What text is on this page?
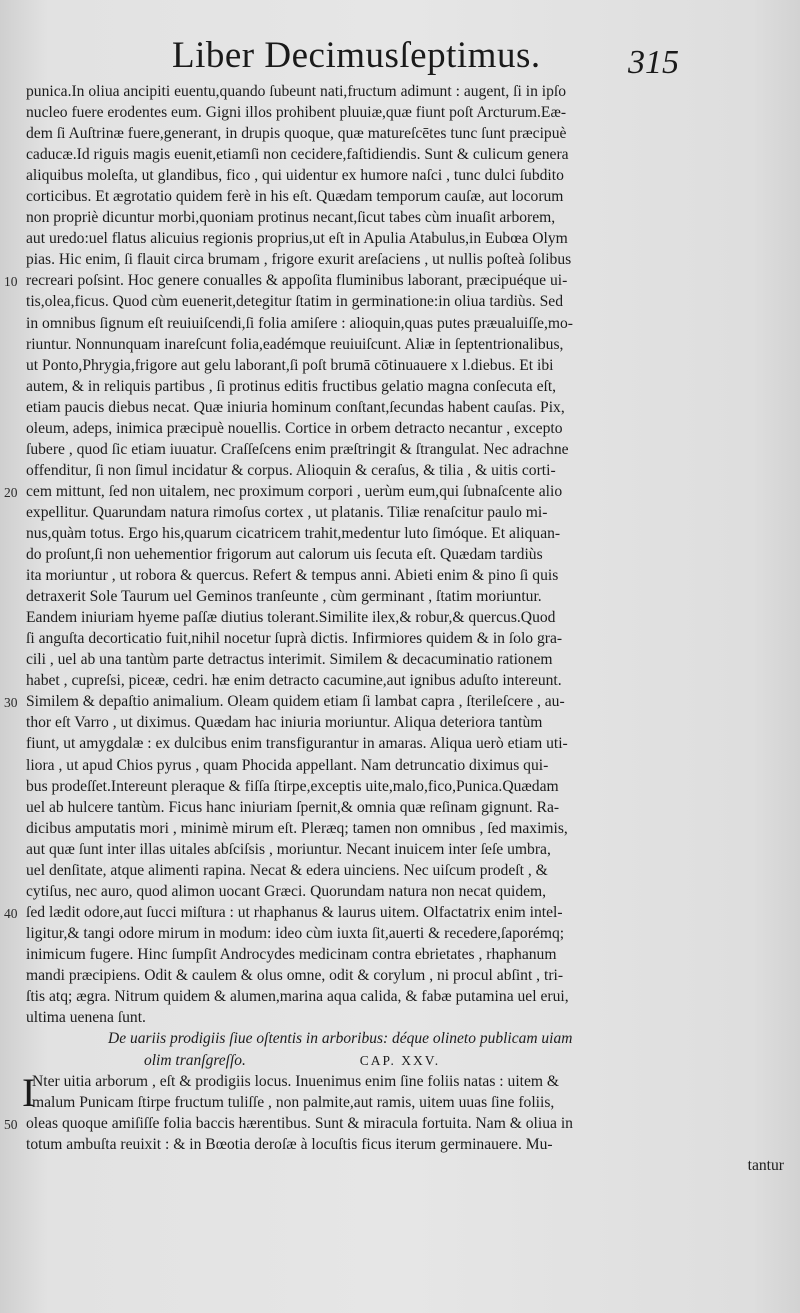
Liber Decimusſeptimus.	315
punica.In oliua ancipiti euentu,quando ſubeunt nati,fructum adimunt : augent, ſi in ipſo
nucleo fuere erodentes eum. Gigni illos prohibent pluuiæ,quæ fiunt poſt Arcturum.Eæ-
dem ſi Auſtrinæ fuere,generant, in drupis quoque, quæ matureſcētes tunc ſunt præcipuè
caducæ.Id riguis magis euenit,etiamſi non cecidere,faſtidiendis. Sunt & culicum genera
aliquibus moleſta, ut glandibus, fico , qui uidentur ex humore naſci , tunc dulci ſubdito
corticibus. Et ægrotatio quidem ferè in his eſt. Quædam temporum cauſæ, aut locorum
non propriè dicuntur morbi,quoniam protinus necant,ſicut tabes cùm inuaſit arborem,
aut uredo:uel flatus alicuius regionis proprius,ut eſt in Apulia Atabulus,in Eubœa Olym
pias. Hic enim, ſi flauit circa brumam , frigore exurit areſaciens , ut nullis poſteà ſolibus
10 recreari poſsint. Hoc genere conualles & appoſita fluminibus laborant, præcipuéque ui-
tis,olea,ficus. Quod cùm euenerit,detegitur ſtatim in germinatione:in oliua tardiùs. Sed
in omnibus ſignum eſt reuiuiſcendi,ſi folia amiſere : alioquin,quas putes præualuiſſe,mo-
riuntur. Nonnunquam inareſcunt folia,eadémque reuiuiſcunt. Aliæ in ſeptentrionalibus,
ut Ponto,Phrygia,frigore aut gelu laborant,ſi poſt brumā cōtinuauere x l.diebus. Et ibi
autem, & in reliquis partibus , ſi protinus editis fructibus gelatio magna conſecuta eſt,
etiam paucis diebus necat. Quæ iniuria hominum conſtant,ſecundas habent cauſas. Pix,
oleum, adeps, inimica præcipuè nouellis. Cortice in orbem detracto necantur , excepto
ſubere , quod ſic etiam iuuatur. Craſſeſcens enim præſtringit & ſtrangulat. Nec adrachne
offenditur, ſi non ſimul incidatur & corpus. Alioquin & ceraſus, & tilia , & uitis corti-
20 cem mittunt, ſed non uitalem, nec proximum corpori , uerùm eum,qui ſubnaſcente alio
expellitur. Quarundam natura rimoſus cortex , ut platanis. Tiliæ renaſcitur paulo mi-
nus,quàm totus. Ergo his,quarum cicatricem trahit,medentur luto ſimóque. Et aliquan-
do proſunt,ſi non uehementior frigorum aut calorum uis ſecuta eſt. Quædam tardiùs
ita moriuntur , ut robora & quercus. Refert & tempus anni. Abieti enim & pino ſi quis
detraxerit Sole Taurum uel Geminos tranſeunte , cùm germinant , ſtatim moriuntur.
Eandem iniuriam hyeme paſſæ diutius tolerant.Similite ilex,& robur,& quercus.Quod
ſi anguſta decorticatio fuit,nihil nocetur ſuprà dictis. Infirmiores quidem & in ſolo gra-
cili , uel ab una tantùm parte detractus interimit. Similem & decacuminatio rationem
habet , cupreſsi, piceæ, cedri. hæ enim detracto cacumine,aut ignibus aduſto intereunt.
30 Similem & depaſtio animalium. Oleam quidem etiam ſi lambat capra , ſterileſcere , au-
thor eſt Varro , ut diximus. Quædam hac iniuria moriuntur. Aliqua deteriora tantùm
fiunt, ut amygdalæ : ex dulcibus enim transfigurantur in amaras. Aliqua uerò etiam uti-
liora , ut apud Chios pyrus , quam Phocida appellant. Nam detruncatio diximus qui-
bus prodeſſet.Intereunt pleraque & fiſſa ſtirpe,exceptis uite,malo,fico,Punica.Quædam
uel ab hulcere tantùm. Ficus hanc iniuriam ſpernit,& omnia quæ reſinam gignunt. Ra-
dicibus amputatis mori , minimè mirum eſt. Pleræq; tamen non omnibus , ſed maximis,
aut quæ ſunt inter illas uitales abſciſsis , moriuntur. Necant inuicem inter ſeſe umbra,
uel denſitate, atque alimenti rapina. Necat & edera uinciens. Nec uiſcum prodeſt , &
cytiſus, nec auro, quod alimon uocant Græci. Quorundam natura non necat quidem,
40 ſed lædit odore,aut ſucci miſtura : ut rhaphanus & laurus uitem. Olfactatrix enim intel-
ligitur,& tangi odore mirum in modum: ideo cùm iuxta ſit,auerti & recedere,ſaporémq;
inimicum fugere. Hinc ſumpſit Androcydes medicinam contra ebrietates , rhaphanum
mandi præcipiens. Odit & caulem & olus omne, odit & corylum , ni procul abſint , tri-
ſtis atq; ægra. Nitrum quidem & alumen,marina aqua calida, & fabæ putamina uel erui,
ultima uenena ſunt.
De uariis prodigiis ſiue oſtentis in arboribus: déque olineto publicam uiam
olim tranſgreſſo.	CAP. XXV.
I
Nter uitia arborum , eſt & prodigiis locus. Inuenimus enim ſine foliis natas : uitem &
malum Punicam ſtirpe fructum tuliſſe , non palmite,aut ramis, uitem uuas ſine foliis,
50 oleas quoque amiſiſſe folia baccis hærentibus. Sunt & miracula fortuita. Nam & oliua in
totum ambuſta reuixit : & in Bœotia deroſæ à locuſtis ficus iterum germinauere. Mu-
tantur
